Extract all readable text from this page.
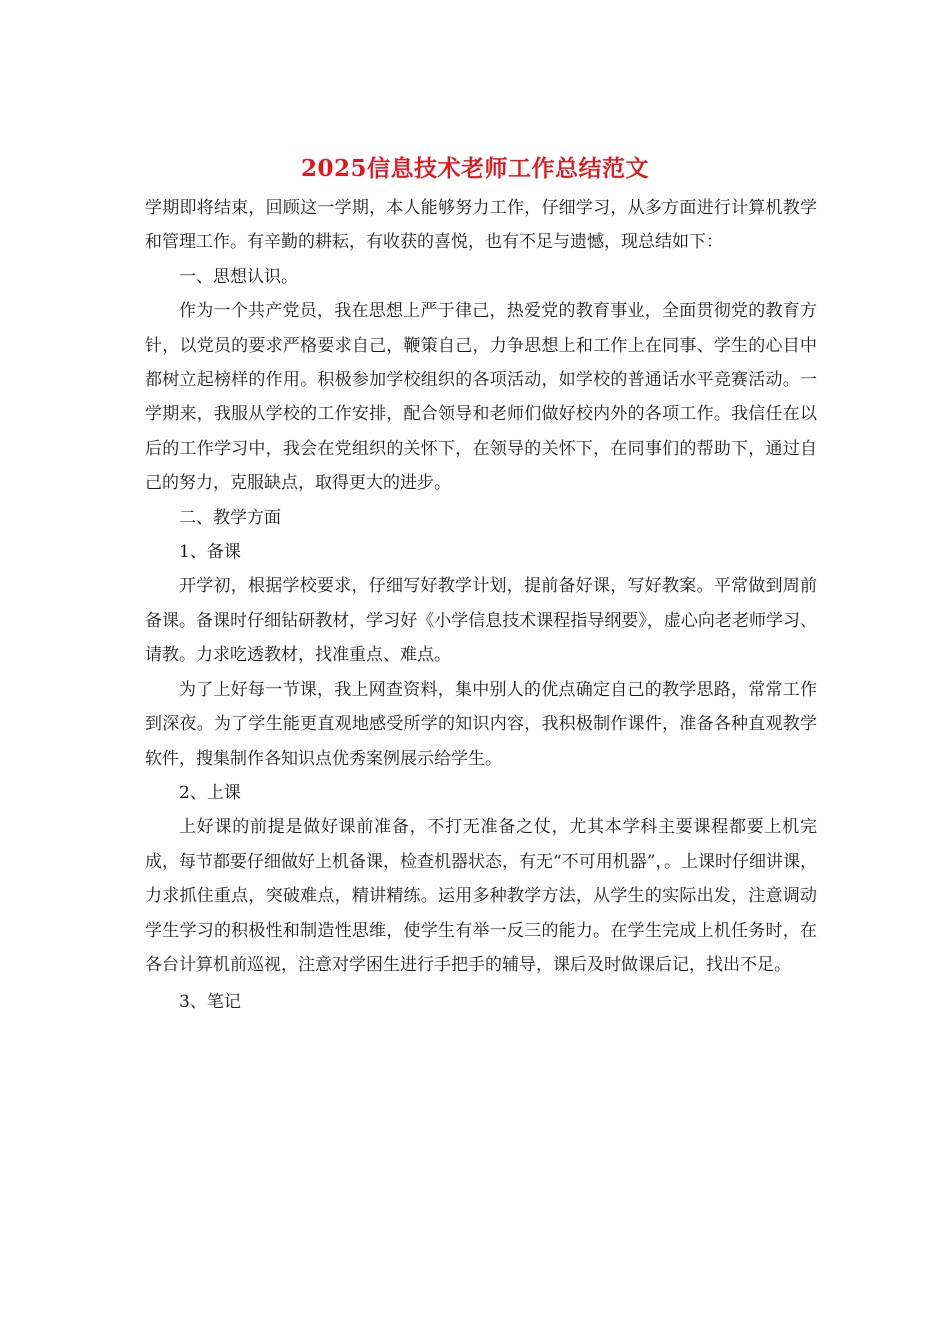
2025信息技术老师工作总结范文

学期即将结束，回顾这一学期，本人能够努力工作，仔细学习，从多方面进行计算机教学和管理工作。有辛勤的耕耘，有收获的喜悦，也有不足与遗憾，现总结如下：

一、思想认识。

作为一个共产党员，我在思想上严于律己，热爱党的教育事业，全面贯彻党的教育方针，以党员的要求严格要求自己，鞭策自己，力争思想上和工作上在同事、学生的心目中都树立起榜样的作用。积极参加学校组织的各项活动，如学校的普通话水平竞赛活动。一学期来，我服从学校的工作安排，配合领导和老师们做好校内外的各项工作。我信任在以后的工作学习中，我会在党组织的关怀下，在领导的关怀下，在同事们的帮助下，通过自己的努力，克服缺点，取得更大的进步。

二、教学方面

1、备课

开学初，根据学校要求，仔细写好教学计划，提前备好课，写好教案。平常做到周前备课。备课时仔细钻研教材，学习好《小学信息技术课程指导纲要》，虚心向老老师学习、请教。力求吃透教材，找准重点、难点。

为了上好每一节课，我上网查资料，集中别人的优点确定自己的教学思路，常常工作到深夜。为了学生能更直观地感受所学的知识内容，我积极制作课件，准备各种直观教学软件，搜集制作各知识点优秀案例展示给学生。

2、上课

上好课的前提是做好课前准备，不打无准备之仗，尤其本学科主要课程都要上机完成，每节都要仔细做好上机备课，检查机器状态，有无“不可用机器”，。上课时仔细讲课，力求抓住重点，突破难点，精讲精练。运用多种教学方法，从学生的实际出发，注意调动学生学习的积极性和制造性思维，使学生有举一反三的能力。在学生完成上机任务时，在各台计算机前巡视，注意对学困生进行手把手的辅导，课后及时做课后记，找出不足。

3、笔记
